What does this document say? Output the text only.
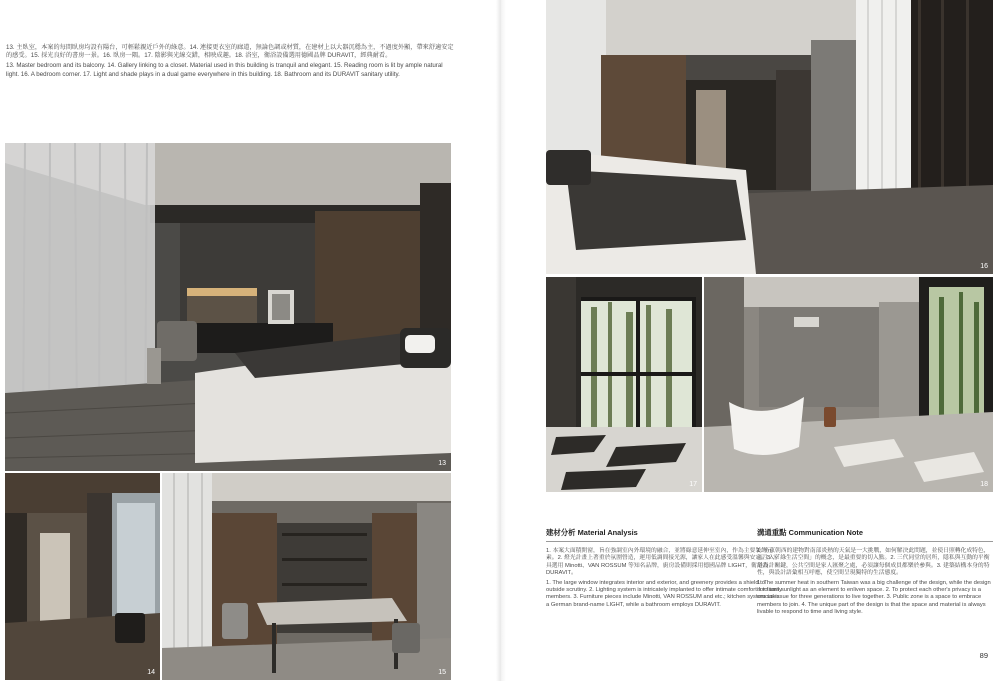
13. 主臥室，本案的每間臥房均設有陽台，可輕鬆親近戶外的綠意。14. 連接更衣室的廊道，無論色調或材質，在建材上以大器沉穩為主，不過度外顯，帶來舒適安定的感受。15. 採光良好的書房一景。16. 臥房一隅。17. 陰影與光線交錯，相映成趣。18. 浴室，衛浴設備選用德國品牌 DURAVIT，經典耐看。

13. Master bedroom and its balcony. 14. Gallery linking to a closet. Material used in this building is tranquil and elegant. 15. Reading room is lit by ample natural light. 16. A bedroom corner. 17. Light and shade plays in a dual game everywhere in this building. 18. Bathroom and its DURAVIT sanitary utility.

13
14	15
16
17	18
建材分析 Material Analysis

1. 本案大面積開窗，旨在強調室內外環境的融合，並將綠意延伸至室內，作為主要裝飾元素。2. 燈光計畫上著重於氛圍營造，運用低調間接光源，讓家人在此感受溫馨與安定。3. 家具選用 Minotti、VAN ROSSUM 等知名品牌，廚房設備則採用德國品牌 LIGHT，衛浴為 DURAVIT。

1. The large window integrates interior and exterior, and greenery provides a shield to outside scrutiny. 2. Lighting system is intricately implanted to offer intimate comfort for family members. 3. Furniture pieces include Minotti, VAN ROSSUM and etc.; kitchen system uses a German brand-name LIGHT, while a bathroom employs DURAVIT.

溝通重點 Communication Note

1. 坐東朝西的建物對南部炎熱的天氣是一大挑戰，如何解決此問題，並使日照轉化成特色，而注入「綠生活空間」的概念，是最重要的切入點。2. 三代同堂的居所，隱私與互動的平衡是設計關鍵，公共空間是家人匯聚之處，必須讓每個成員都樂於參與。3. 建築結構本身的特性，與設計語彙相互呼應，使空間呈現獨特的生活態度。

1. The summer heat in southern Taiwan was a big challenge of the design, while the design is to turn sunlight as an element to enliven space. 2. To protect each other's privacy is a crucial issue for three generations to live together. 3. Public zone is a space to embrace members to join. 4. The unique part of the design is that the space and material is always livable to respond to time and living style.

89
